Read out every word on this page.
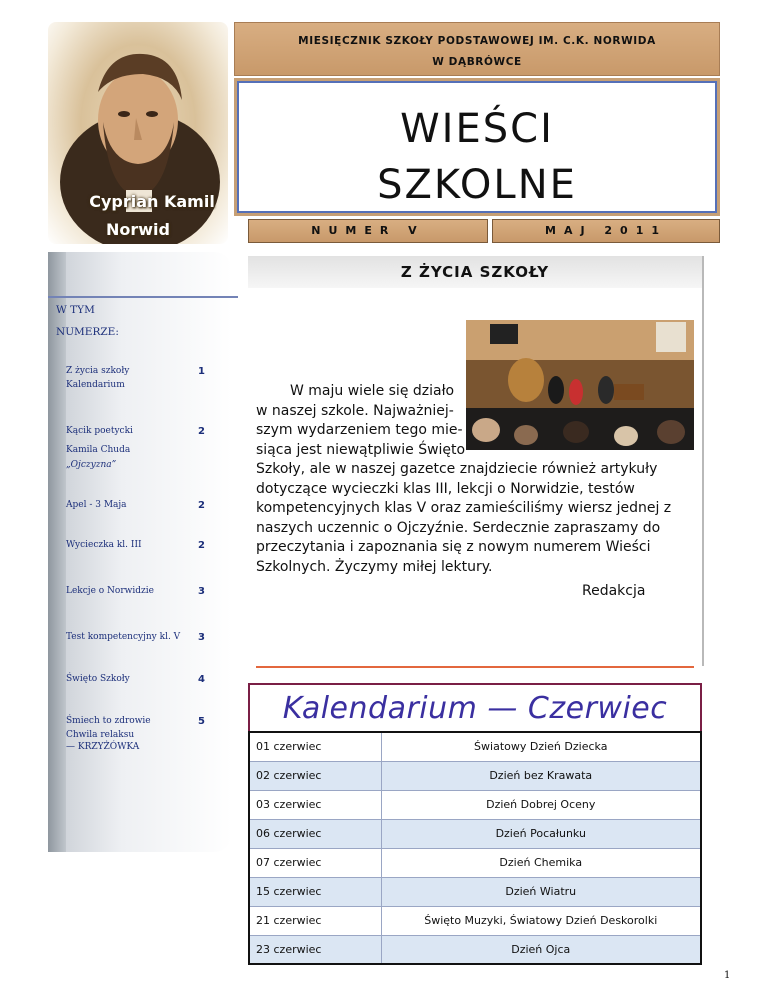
Cyprian Kamil
Norwid
MIESIĘCZNIK SZKOŁY PODSTAWOWEJ IM. C.K. NORWIDA
W DĄBRÓWCE
WIEŚCI
SZKOLNE
NUMER V	MAJ 2011
W TYM
NUMERZE:
Z życia szkoły	1
Kalendarium
Kącik poetycki	2
Kamila Chuda
„Ojczyzna”
Apel - 3 Maja	2
Wycieczka kl. III	2
Lekcje o Norwidzie	3
Test kompetencyjny kl. V 3
Święto Szkoły	4
Śmiech to zdrowie	5
Chwila relaksu
— KRZYŻÓWKA
Z ŻYCIA SZKOŁY
W maju wiele się działo
w naszej szkole. Najważniej-
szym wydarzeniem tego mie-
siąca jest niewątpliwie Święto
Szkoły, ale w naszej gazetce znajdziecie również artykuły
dotyczące wycieczki klas III, lekcji o Norwidzie, testów
kompetencyjnych klas V oraz zamieściliśmy wiersz jednej z
naszych uczennic o Ojczyźnie. Serdecznie zapraszamy do
przeczytania i zapoznania się z nowym numerem Wieści
Szkolnych. Życzymy miłej lektury.
Redakcja
Kalendarium — Czerwiec
01 czerwiec	Światowy Dzień Dziecka
02 czerwiec	Dzień bez Krawata
03 czerwiec	Dzień Dobrej Oceny
06 czerwiec	Dzień Pocałunku
07 czerwiec	Dzień Chemika
15 czerwiec	Dzień Wiatru
21 czerwiec	Święto Muzyki, Światowy Dzień Deskorolki
23 czerwiec	Dzień Ojca
1
